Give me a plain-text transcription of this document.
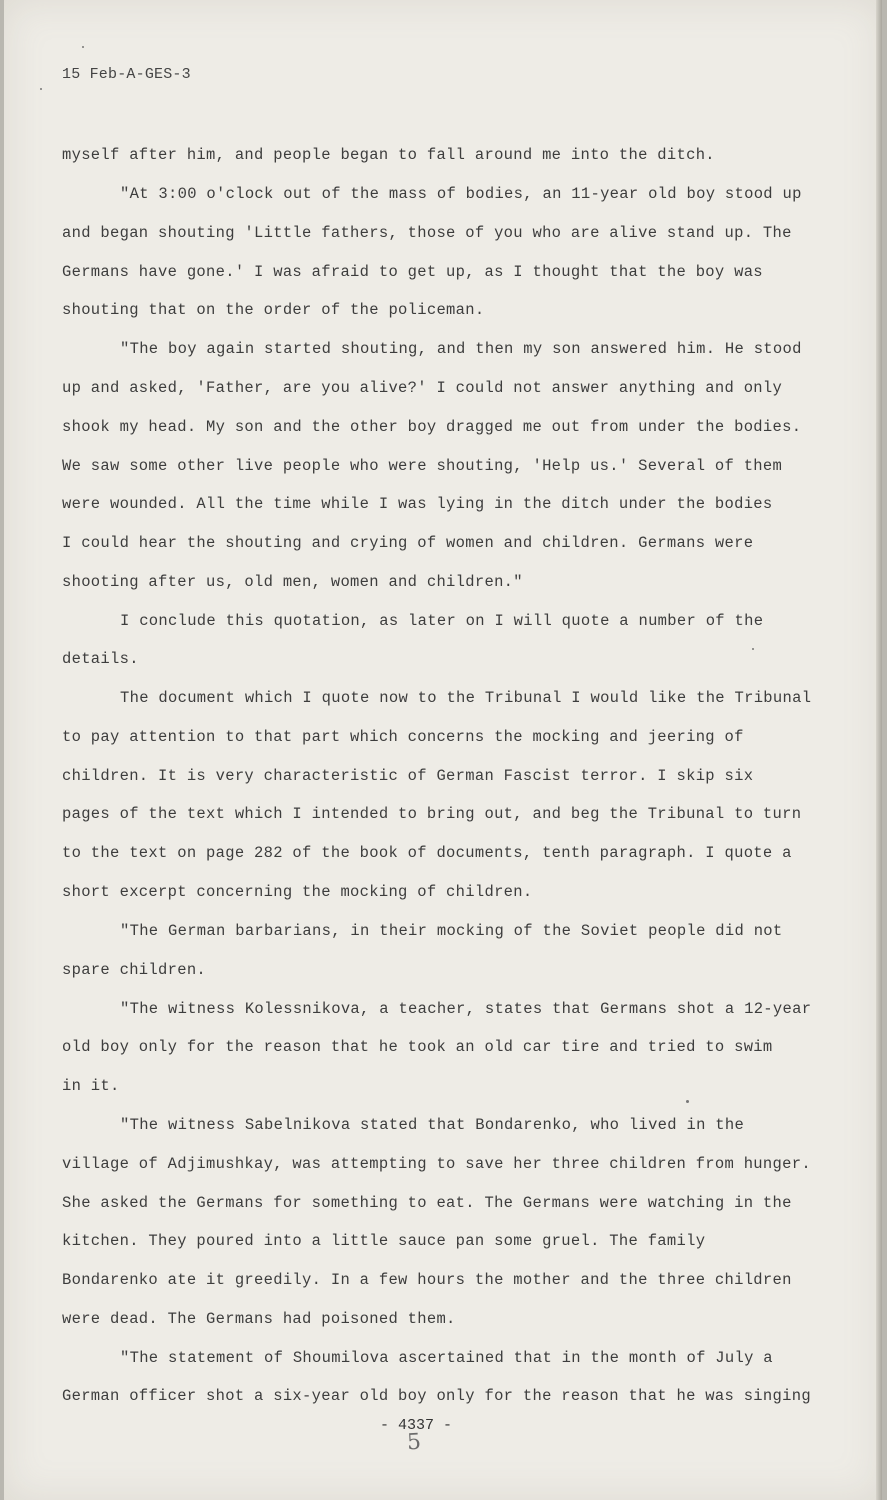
15 Feb-A-GES-3
myself after him, and people began to fall around me into the ditch.
"At 3:00 o'clock out of the mass of bodies, an 11-year old boy stood up
and began shouting 'Little fathers, those of you who are alive stand up. The
Germans have gone.' I was afraid to get up, as I thought that the boy was
shouting that on the order of the policeman.
"The boy again started shouting, and then my son answered him. He stood
up and asked, 'Father, are you alive?' I could not answer anything and only
shook my head. My son and the other boy dragged me out from under the bodies.
We saw some other live people who were shouting, 'Help us.' Several of them
were wounded. All the time while I was lying in the ditch under the bodies
I could hear the shouting and crying of women and children. Germans were
shooting after us, old men, women and children."
I conclude this quotation, as later on I will quote a number of the
details.
The document which I quote now to the Tribunal I would like the Tribunal
to pay attention to that part which concerns the mocking and jeering of
children. It is very characteristic of German Fascist terror. I skip six
pages of the text which I intended to bring out, and beg the Tribunal to turn
to the text on page 282 of the book of documents, tenth paragraph. I quote a
short excerpt concerning the mocking of children.
"The German barbarians, in their mocking of the Soviet people did not
spare children.
"The witness Kolessnikova, a teacher, states that Germans shot a 12-year
old boy only for the reason that he took an old car tire and tried to swim
in it.
"The witness Sabelnikova stated that Bondarenko, who lived in the
village of Adjimushkay, was attempting to save her three children from hunger.
She asked the Germans for something to eat. The Germans were watching in the
kitchen. They poured into a little sauce pan some gruel. The family
Bondarenko ate it greedily. In a few hours the mother and the three children
were dead. The Germans had poisoned them.
"The statement of Shoumilova ascertained that in the month of July a
German officer shot a six-year old boy only for the reason that he was singing
- 4337 -
5
